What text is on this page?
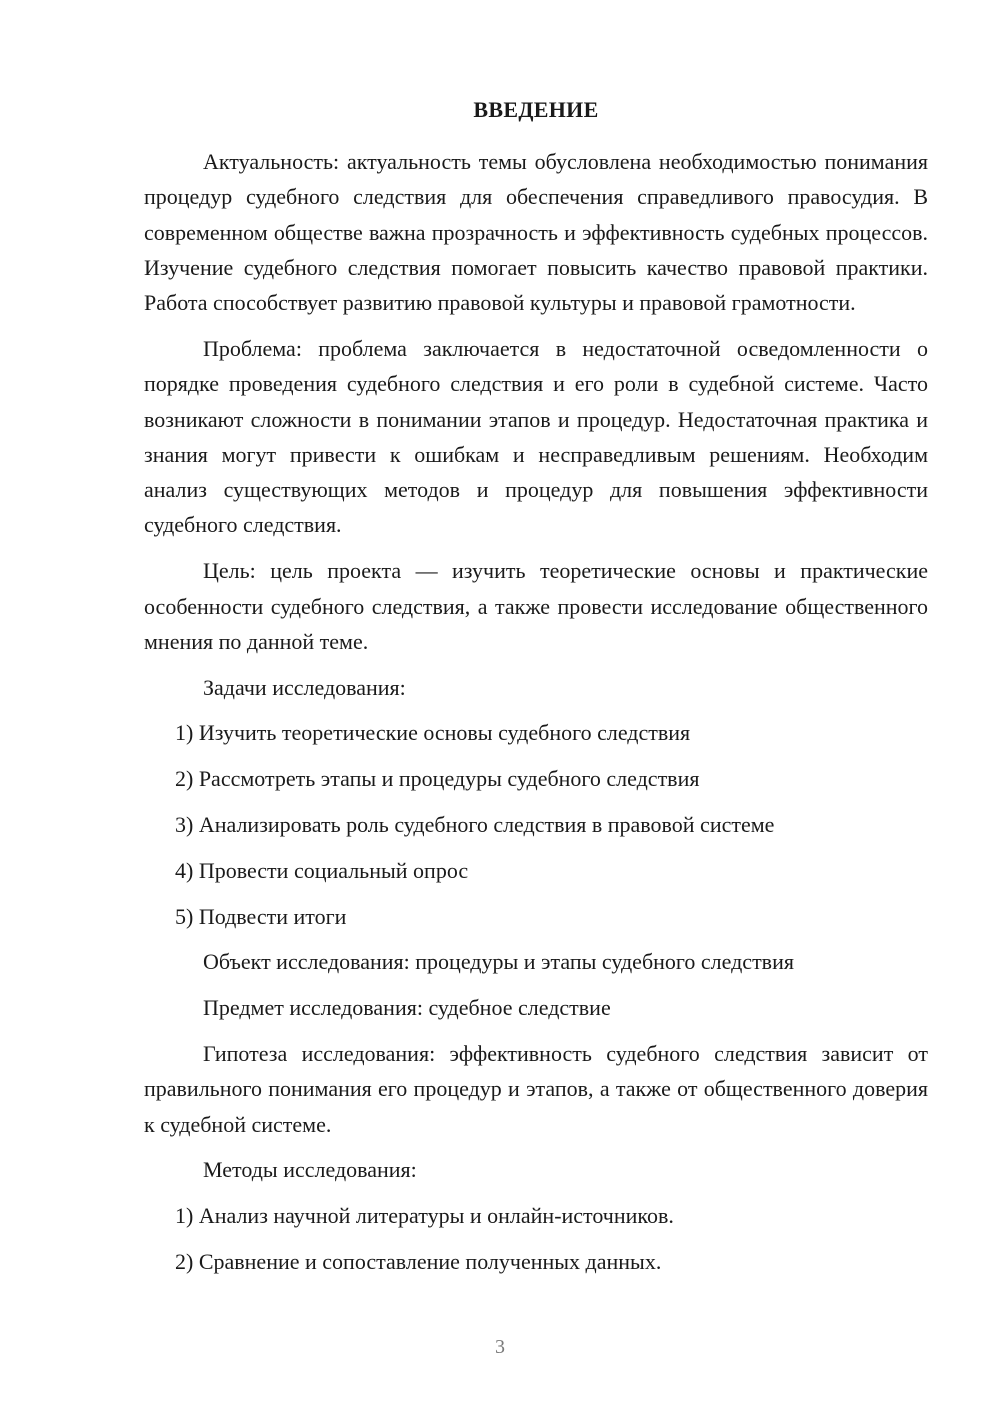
ВВЕДЕНИЕ

Актуальность: актуальность темы обусловлена необходимостью понимания процедур судебного следствия для обеспечения справедливого правосудия. В современном обществе важна прозрачность и эффективность судебных процессов. Изучение судебного следствия помогает повысить качество правовой практики. Работа способствует развитию правовой культуры и правовой грамотности.

Проблема: проблема заключается в недостаточной осведомленности о порядке проведения судебного следствия и его роли в судебной системе. Часто возникают сложности в понимании этапов и процедур. Недостаточная практика и знания могут привести к ошибкам и несправедливым решениям. Необходим анализ существующих методов и процедур для повышения эффективности судебного следствия.

Цель: цель проекта — изучить теоретические основы и практические особенности судебного следствия, а также провести исследование общественного мнения по данной теме.

Задачи исследования:
1) Изучить теоретические основы судебного следствия
2) Рассмотреть этапы и процедуры судебного следствия
3) Анализировать роль судебного следствия в правовой системе
4) Провести социальный опрос
5) Подвести итоги
Объект исследования: процедуры и этапы судебного следствия
Предмет исследования: судебное следствие

Гипотеза исследования: эффективность судебного следствия зависит от правильного понимания его процедур и этапов, а также от общественного доверия к судебной системе.

Методы исследования:
1) Анализ научной литературы и онлайн-источников.
2) Сравнение и сопоставление полученных данных.
3
